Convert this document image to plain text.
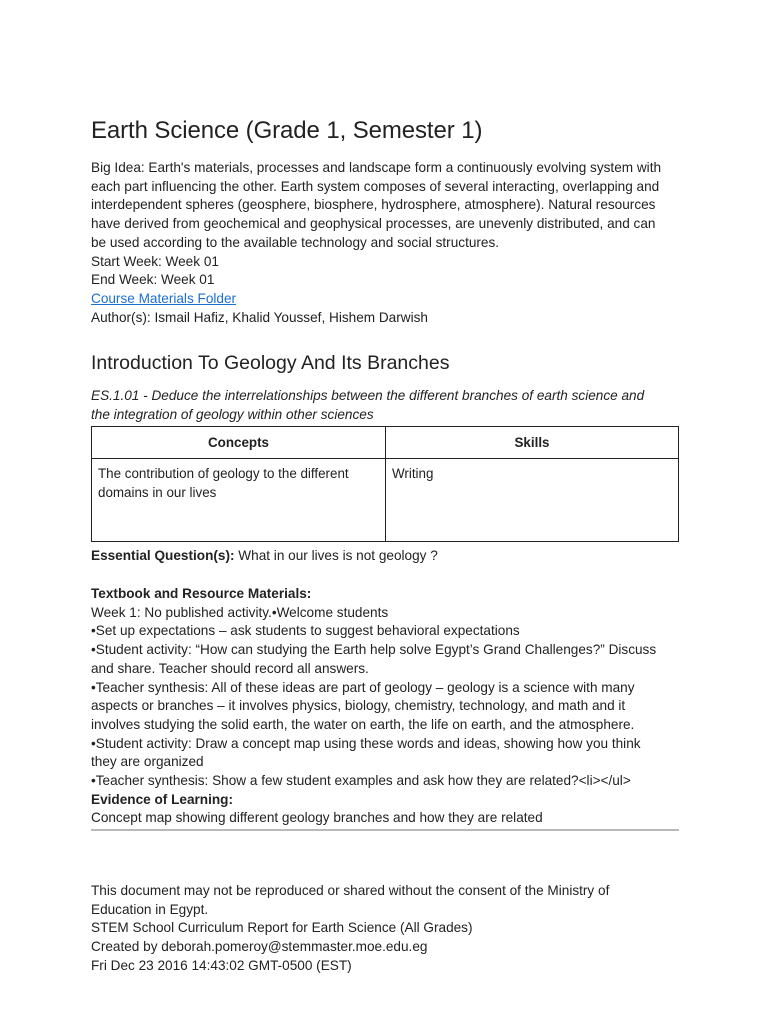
Earth Science (Grade 1, Semester 1)

Big Idea: Earth's materials, processes and landscape form a continuously evolving system with

each part influencing the other. Earth system composes of several interacting, overlapping and

interdependent spheres (geosphere, biosphere, hydrosphere, atmosphere). Natural resources

have derived from geochemical and geophysical processes, are unevenly distributed, and can

be used according to the available technology and social structures.

Start Week: Week 01

End Week: Week 01

Course Materials Folder

Author(s): Ismail Hafiz, Khalid Youssef, Hishem Darwish

Introduction To Geology And Its Branches
ES.1.01 - Deduce the interrelationships between the different branches of earth science and
the integration of geology within other sciences
Concepts	Skills

The contribution of geology to the different
domains in our lives	Writing

Essential Question(s): What in our lives is not geology ?

Textbook and Resource Materials:

Week 1: No published activity.•Welcome students

•Set up expectations – ask students to suggest behavioral expectations

•Student activity: “How can studying the Earth help solve Egypt’s Grand Challenges?” Discuss

and share. Teacher should record all answers.

•Teacher synthesis: All of these ideas are part of geology – geology is a science with many

aspects or branches – it involves physics, biology, chemistry, technology, and math and it

involves studying the solid earth, the water on earth, the life on earth, and the atmosphere.

•Student activity: Draw a concept map using these words and ideas, showing how you think

they are organized

•Teacher synthesis: Show a few student examples and ask how they are related?<li></ul>

Evidence of Learning:

Concept map showing different geology branches and how they are related

This document may not be reproduced or shared without the consent of the Ministry of

Education in Egypt.

STEM School Curriculum Report for Earth Science (All Grades)

Created by deborah.pomeroy@stemmaster.moe.edu.eg

Fri Dec 23 2016 14:43:02 GMT-0500 (EST)
